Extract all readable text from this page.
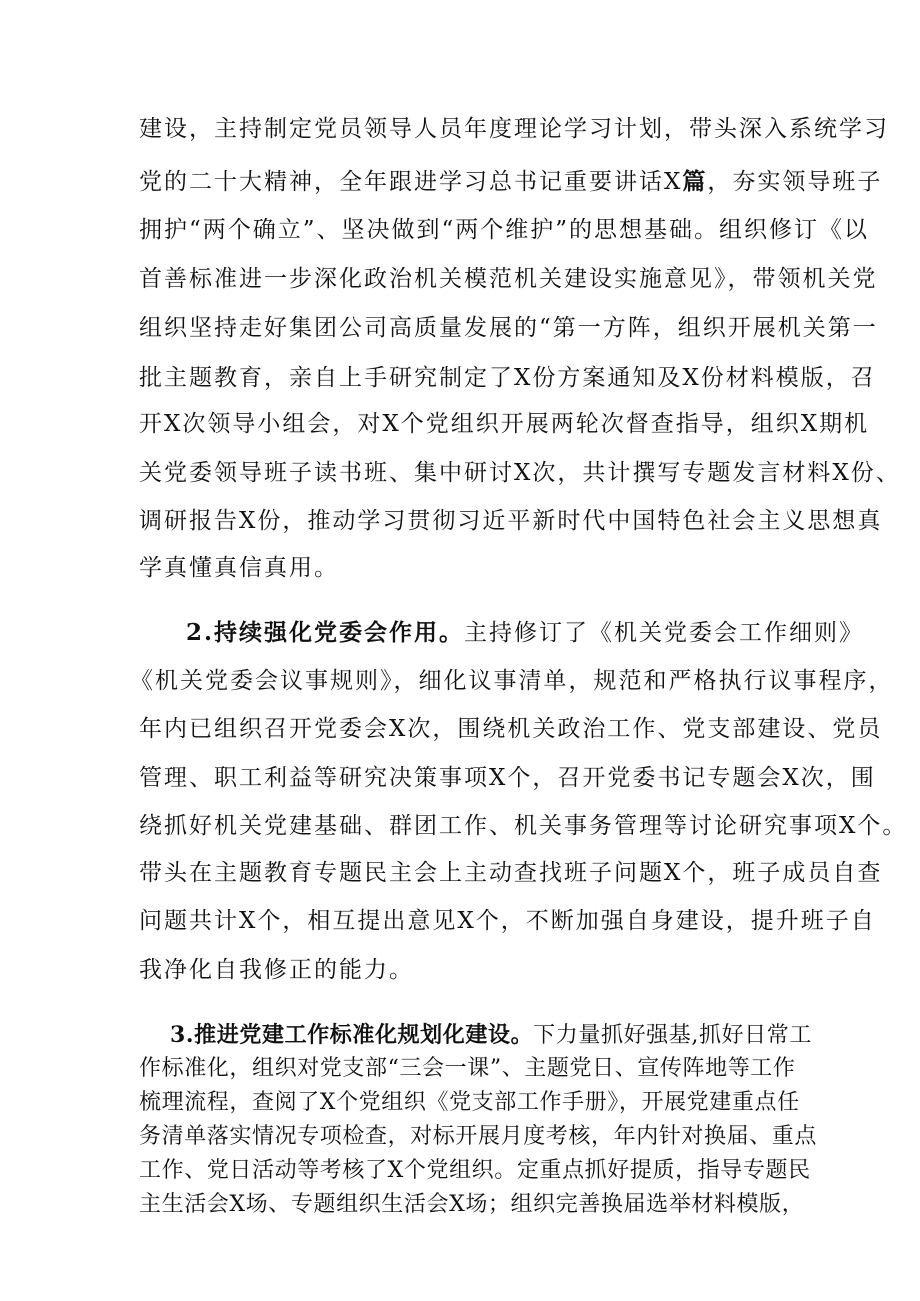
建设，主持制定党员领导人员年度理论学习计划，带头深入系统学习
党的二十大精神，全年跟进学习总书记重要讲话X篇，夯实领导班子
拥护“两个确立”、坚决做到“两个维护”的思想基础。组织修订《以
首善标准进一步深化政治机关模范机关建设实施意见》，带领机关党
组织坚持走好集团公司高质量发展的“第一方阵，组织开展机关第一
批主题教育，亲自上手研究制定了X份方案通知及X份材料模版，召
开X次领导小组会，对X个党组织开展两轮次督查指导，组织X期机
关党委领导班子读书班、集中研讨X次，共计撰写专题发言材料X份、
调研报告X份，推动学习贯彻习近平新时代中国特色社会主义思想真
学真懂真信真用。
2.持续强化党委会作用。主持修订了《机关党委会工作细则》
《机关党委会议事规则》，细化议事清单，规范和严格执行议事程序，
年内已组织召开党委会X次，围绕机关政治工作、党支部建设、党员
管理、职工利益等研究决策事项X个，召开党委书记专题会X次，围
绕抓好机关党建基础、群团工作、机关事务管理等讨论研究事项X个。
带头在主题教育专题民主会上主动查找班子问题X个，班子成员自查
问题共计X个，相互提出意见X个，不断加强自身建设，提升班子自
我净化自我修正的能力。
3.推进党建工作标准化规划化建设。下力量抓好强基,抓好日常工
作标准化，组织对党支部“三会一课”、主题党日、宣传阵地等工作
梳理流程，查阅了X个党组织《党支部工作手册》，开展党建重点任
务清单落实情况专项检查，对标开展月度考核，年内针对换届、重点
工作、党日活动等考核了X个党组织。定重点抓好提质，指导专题民
主生活会X场、专题组织生活会X场；组织完善换届选举材料模版，
